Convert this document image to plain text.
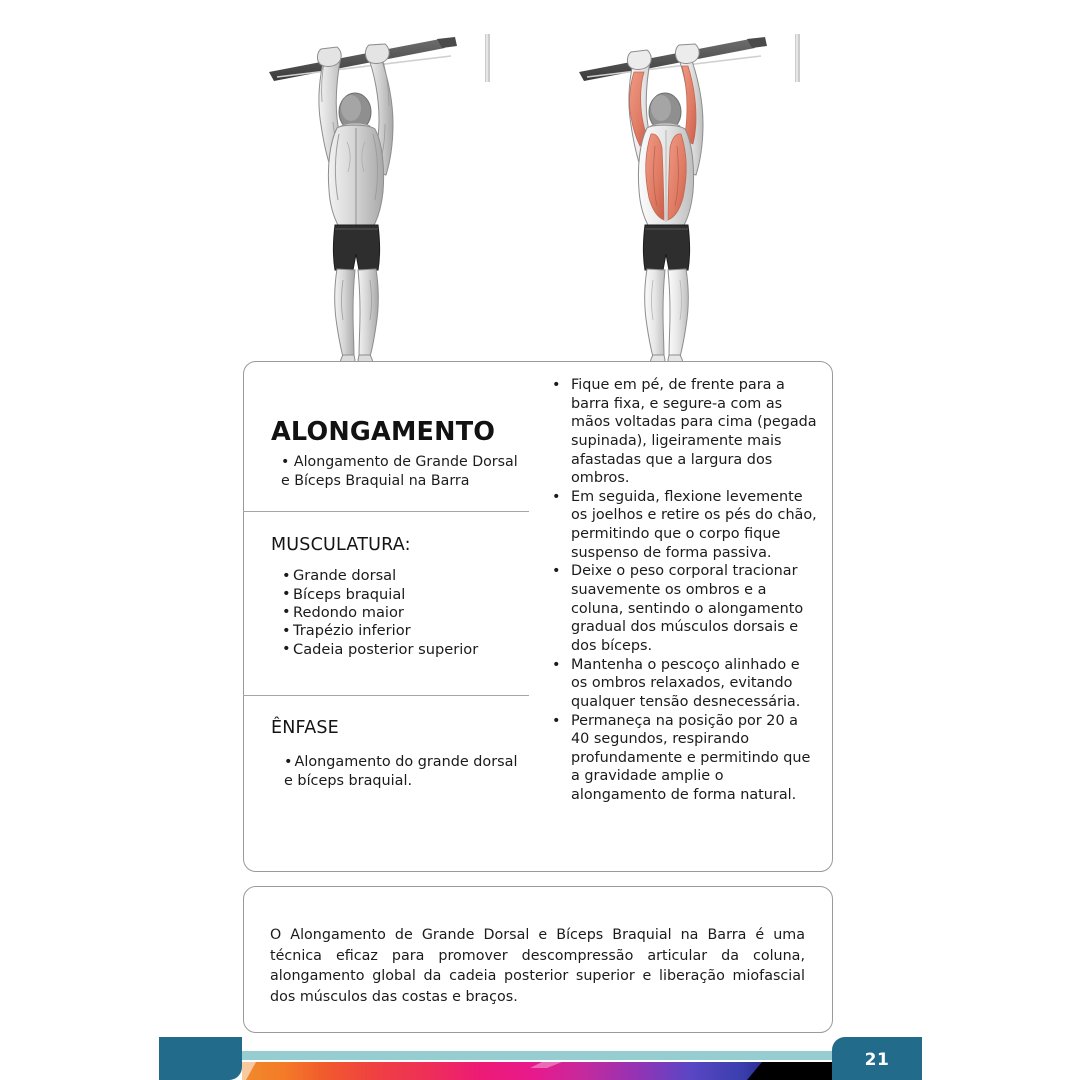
ALONGAMENTO
• Alongamento de Grande Dorsal e Bíceps Braquial na Barra
MUSCULATURA:
• Grande dorsal
• Bíceps braquial
• Redondo maior
• Trapézio inferior
• Cadeia posterior superior
ÊNFASE
• Alongamento do grande dorsal e bíceps braquial.
• Fique em pé, de frente para a barra fixa, e segure-a com as mãos voltadas para cima (pegada supinada), ligeiramente mais afastadas que a largura dos ombros.
• Em seguida, flexione levemente os joelhos e retire os pés do chão, permitindo que o corpo fique suspenso de forma passiva.
• Deixe o peso corporal tracionar suavemente os ombros e a coluna, sentindo o alongamento gradual dos músculos dorsais e dos bíceps.
• Mantenha o pescoço alinhado e os ombros relaxados, evitando qualquer tensão desnecessária.
• Permaneça na posição por 20 a 40 segundos, respirando profundamente e permitindo que a gravidade amplie o alongamento de forma natural.

O Alongamento de Grande Dorsal e Bíceps Braquial na Barra é uma técnica eficaz para promover descompressão articular da coluna, alongamento global da cadeia posterior superior e liberação miofascial dos músculos das costas e braços.

21
